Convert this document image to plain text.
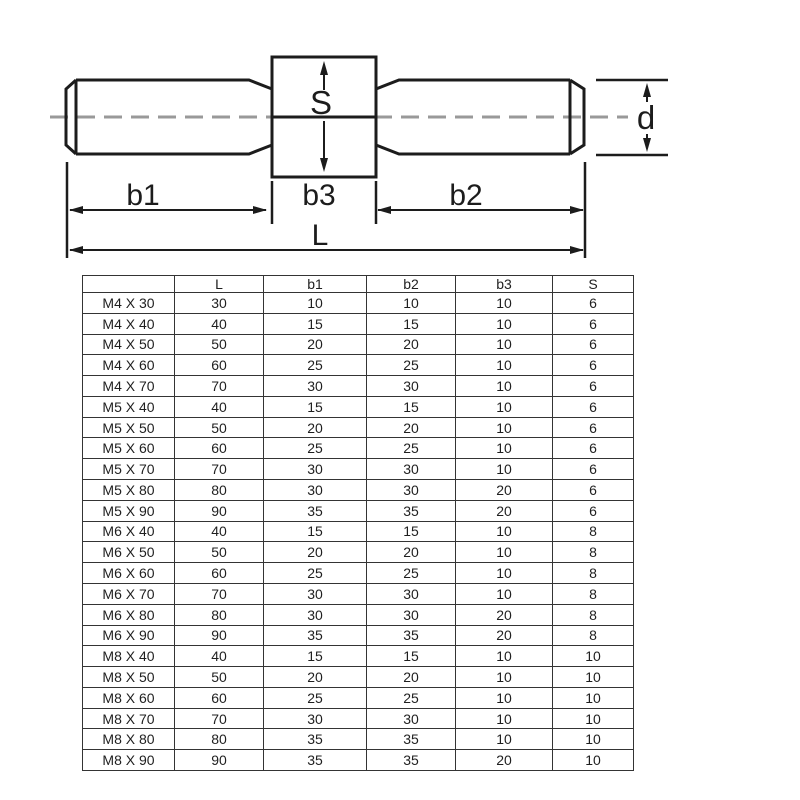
S	d
b1	b3	b2
L
	L	b1	b2	b3	S
M4 X 30	30	10	10	10	6
M4 X 40	40	15	15	10	6
M4 X 50	50	20	20	10	6
M4 X 60	60	25	25	10	6
M4 X 70	70	30	30	10	6
M5 X 40	40	15	15	10	6
M5 X 50	50	20	20	10	6
M5 X 60	60	25	25	10	6
M5 X 70	70	30	30	10	6
M5 X 80	80	30	30	20	6
M5 X 90	90	35	35	20	6
M6 X 40	40	15	15	10	8
M6 X 50	50	20	20	10	8
M6 X 60	60	25	25	10	8
M6 X 70	70	30	30	10	8
M6 X 80	80	30	30	20	8
M6 X 90	90	35	35	20	8
M8 X 40	40	15	15	10	10
M8 X 50	50	20	20	10	10
M8 X 60	60	25	25	10	10
M8 X 70	70	30	30	10	10
M8 X 80	80	35	35	10	10
M8 X 90	90	35	35	20	10
